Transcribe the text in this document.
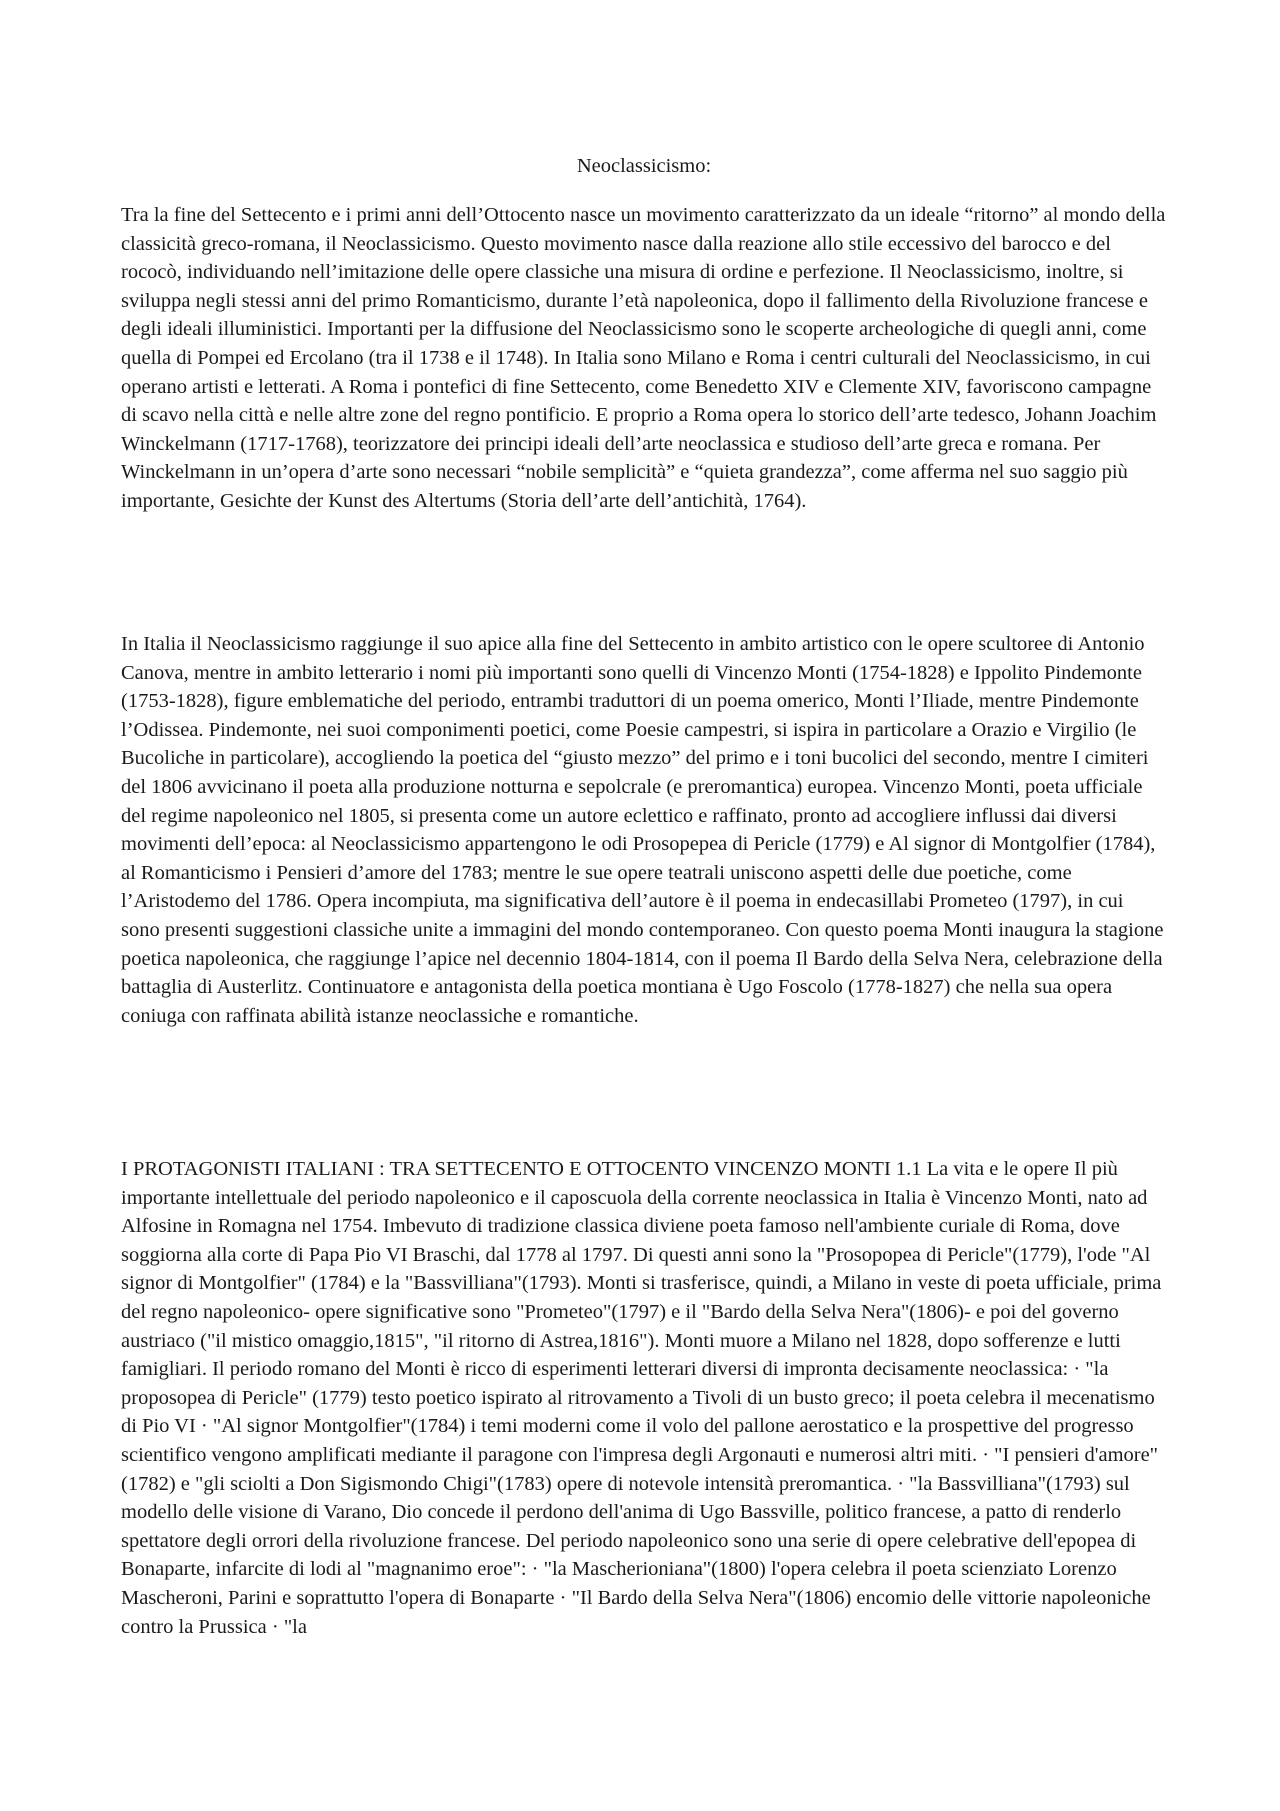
Neoclassicismo:

Tra la fine del Settecento e i primi anni dell’Ottocento nasce un movimento caratterizzato da un ideale “ritorno” al mondo della classicità greco-romana, il Neoclassicismo. Questo movimento nasce dalla reazione allo stile eccessivo del barocco e del rococò, individuando nell’imitazione delle opere classiche una misura di ordine e perfezione. Il Neoclassicismo, inoltre, si sviluppa negli stessi anni del primo Romanticismo, durante l’età napoleonica, dopo il fallimento della Rivoluzione francese e degli ideali illuministici. Importanti per la diffusione del Neoclassicismo sono le scoperte archeologiche di quegli anni, come quella di Pompei ed Ercolano (tra il 1738 e il 1748). In Italia sono Milano e Roma i centri culturali del Neoclassicismo, in cui operano artisti e letterati. A Roma i pontefici di fine Settecento, come Benedetto XIV e Clemente XIV, favoriscono campagne di scavo nella città e nelle altre zone del regno pontificio. E proprio a Roma opera lo storico dell’arte tedesco, Johann Joachim Winckelmann (1717-1768), teorizzatore dei principi ideali dell’arte neoclassica e studioso dell’arte greca e romana. Per Winckelmann in un’opera d’arte sono necessari “nobile semplicità” e “quieta grandezza”, come afferma nel suo saggio più importante, Gesichte der Kunst des Altertums (Storia dell’arte dell’antichità, 1764).

In Italia il Neoclassicismo raggiunge il suo apice alla fine del Settecento in ambito artistico con le opere scultoree di Antonio Canova, mentre in ambito letterario i nomi più importanti sono quelli di Vincenzo Monti (1754-1828) e Ippolito Pindemonte (1753-1828), figure emblematiche del periodo, entrambi traduttori di un poema omerico, Monti l’Iliade, mentre Pindemonte l’Odissea. Pindemonte, nei suoi componimenti poetici, come Poesie campestri, si ispira in particolare a Orazio e Virgilio (le Bucoliche in particolare), accogliendo la poetica del “giusto mezzo” del primo e i toni bucolici del secondo, mentre I cimiteri del 1806 avvicinano il poeta alla produzione notturna e sepolcrale (e preromantica) europea. Vincenzo Monti, poeta ufficiale del regime napoleonico nel 1805, si presenta come un autore eclettico e raffinato, pronto ad accogliere influssi dai diversi movimenti dell’epoca: al Neoclassicismo appartengono le odi Prosopepea di Pericle (1779) e Al signor di Montgolfier (1784), al Romanticismo i Pensieri d’amore del 1783; mentre le sue opere teatrali uniscono aspetti delle due poetiche, come l’Aristodemo del 1786. Opera incompiuta, ma significativa dell’autore è il poema in endecasillabi Prometeo (1797), in cui sono presenti suggestioni classiche unite a immagini del mondo contemporaneo. Con questo poema Monti inaugura la stagione poetica napoleonica, che raggiunge l’apice nel decennio 1804-1814, con il poema Il Bardo della Selva Nera, celebrazione della battaglia di Austerlitz. Continuatore e antagonista della poetica montiana è Ugo Foscolo (1778-1827) che nella sua opera coniuga con raffinata abilità istanze neoclassiche e romantiche.

I PROTAGONISTI ITALIANI : TRA SETTECENTO E OTTOCENTO VINCENZO MONTI 1.1 La vita e le opere Il più importante intellettuale del periodo napoleonico e il caposcuola della corrente neoclassica in Italia è Vincenzo Monti, nato ad Alfosine in Romagna nel 1754. Imbevuto di tradizione classica diviene poeta famoso nell'ambiente curiale di Roma, dove soggiorna alla corte di Papa Pio VI Braschi, dal 1778 al 1797. Di questi anni sono la "Prosopopea di Pericle"(1779), l'ode "Al signor di Montgolfier" (1784) e la "Bassvilliana"(1793). Monti si trasferisce, quindi, a Milano in veste di poeta ufficiale, prima del regno napoleonico- opere significative sono "Prometeo"(1797) e il "Bardo della Selva Nera"(1806)- e poi del governo austriaco ("il mistico omaggio,1815", "il ritorno di Astrea,1816"). Monti muore a Milano nel 1828, dopo sofferenze e lutti famigliari. Il periodo romano del Monti è ricco di esperimenti letterari diversi di impronta decisamente neoclassica: · "la proposopea di Pericle" (1779) testo poetico ispirato al ritrovamento a Tivoli di un busto greco; il poeta celebra il mecenatismo di Pio VI · "Al signor Montgolfier"(1784) i temi moderni come il volo del pallone aerostatico e la prospettive del progresso scientifico vengono amplificati mediante il paragone con l'impresa degli Argonauti e numerosi altri miti. · "I pensieri d'amore"(1782) e "gli sciolti a Don Sigismondo Chigi"(1783) opere di notevole intensità preromantica. · "la Bassvilliana"(1793) sul modello delle visione di Varano, Dio concede il perdono dell'anima di Ugo Bassville, politico francese, a patto di renderlo spettatore degli orrori della rivoluzione francese. Del periodo napoleonico sono una serie di opere celebrative dell'epopea di Bonaparte, infarcite di lodi al "magnanimo eroe": · "la Mascherioniana"(1800) l'opera celebra il poeta scienziato Lorenzo Mascheroni, Parini e soprattutto l'opera di Bonaparte · "Il Bardo della Selva Nera"(1806) encomio delle vittorie napoleoniche contro la Prussica · "la
